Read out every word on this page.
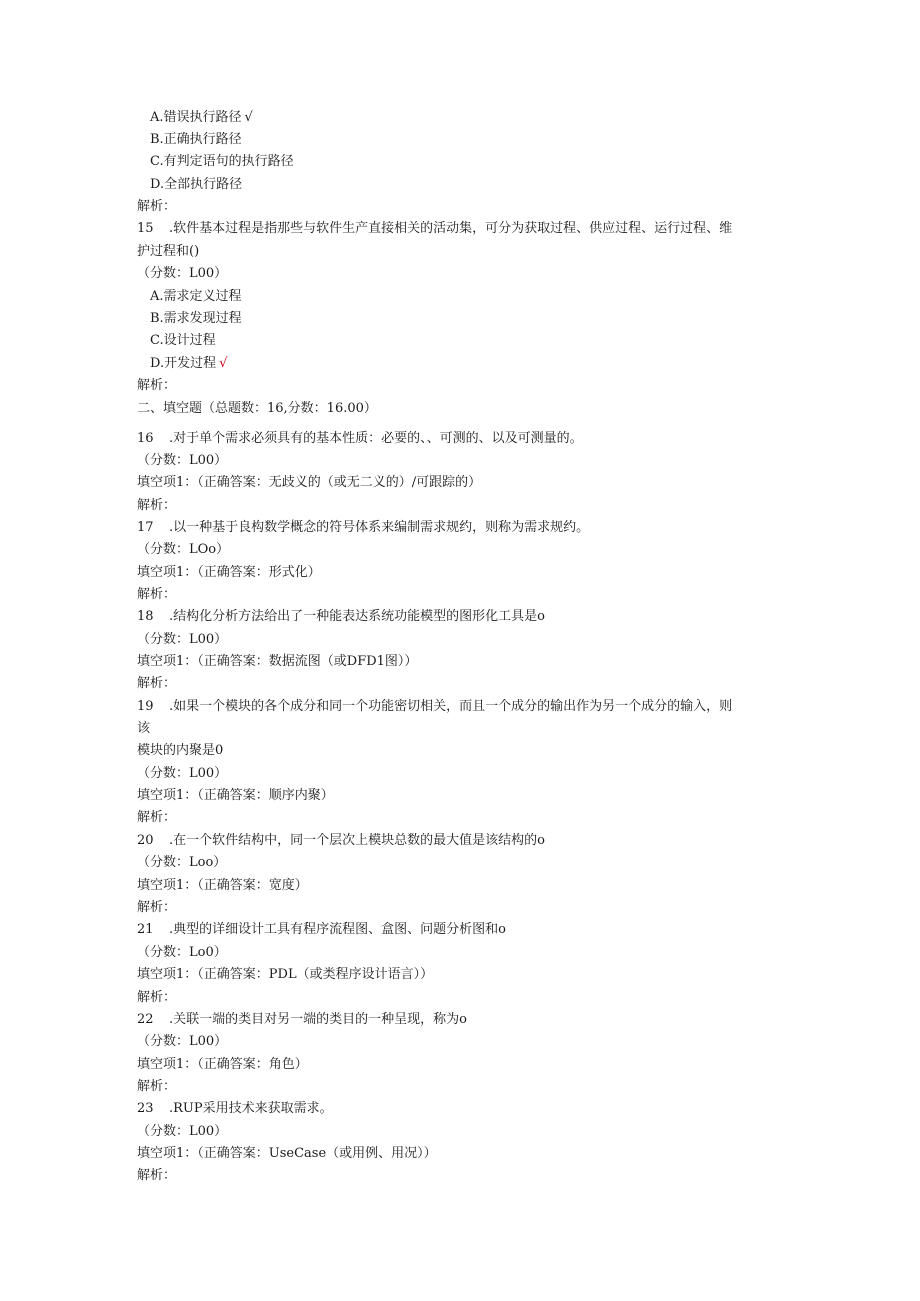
A.错误执行路径 √
B.正确执行路径
C.有判定语句的执行路径
D.全部执行路径
解析：
15 .软件基本过程是指那些与软件生产直接相关的活动集，可分为获取过程、供应过程、运行过程、维
护过程和()
（分数：L00）
A.需求定义过程
B.需求发现过程
C.设计过程
D.开发过程 √
解析：
二、填空题（总题数：16,分数：16.00）
16 .对于单个需求必须具有的基本性质：必要的、、可测的、以及可测量的。
（分数：L00）
填空项1：（正确答案：无歧义的（或无二义的）/可跟踪的）
解析：
17 .以一种基于良构数学概念的符号体系来编制需求规约，则称为需求规约。
（分数：LOo）
填空项1：（正确答案：形式化）
解析：
18 .结构化分析方法给出了一种能表达系统功能模型的图形化工具是o
（分数：L00）
填空项1：（正确答案：数据流图（或DFD1图））
解析：
19 .如果一个模块的各个成分和同一个功能密切相关，而且一个成分的输出作为另一个成分的输入，则
该
模块的内聚是0
（分数：L00）
填空项1：（正确答案：顺序内聚）
解析：
20 .在一个软件结构中，同一个层次上模块总数的最大值是该结构的o
（分数：Loo）
填空项1：（正确答案：宽度）
解析：
21 .典型的详细设计工具有程序流程图、盒图、问题分析图和o
（分数：Lo0）
填空项1：（正确答案：PDL（或类程序设计语言））
解析：
22 .关联一端的类目对另一端的类目的一种呈现，称为o
（分数：L00）
填空项1：（正确答案：角色）
解析：
23 .RUP采用技术来获取需求。
（分数：L00）
填空项1：（正确答案：UseCase（或用例、用况））
解析：
